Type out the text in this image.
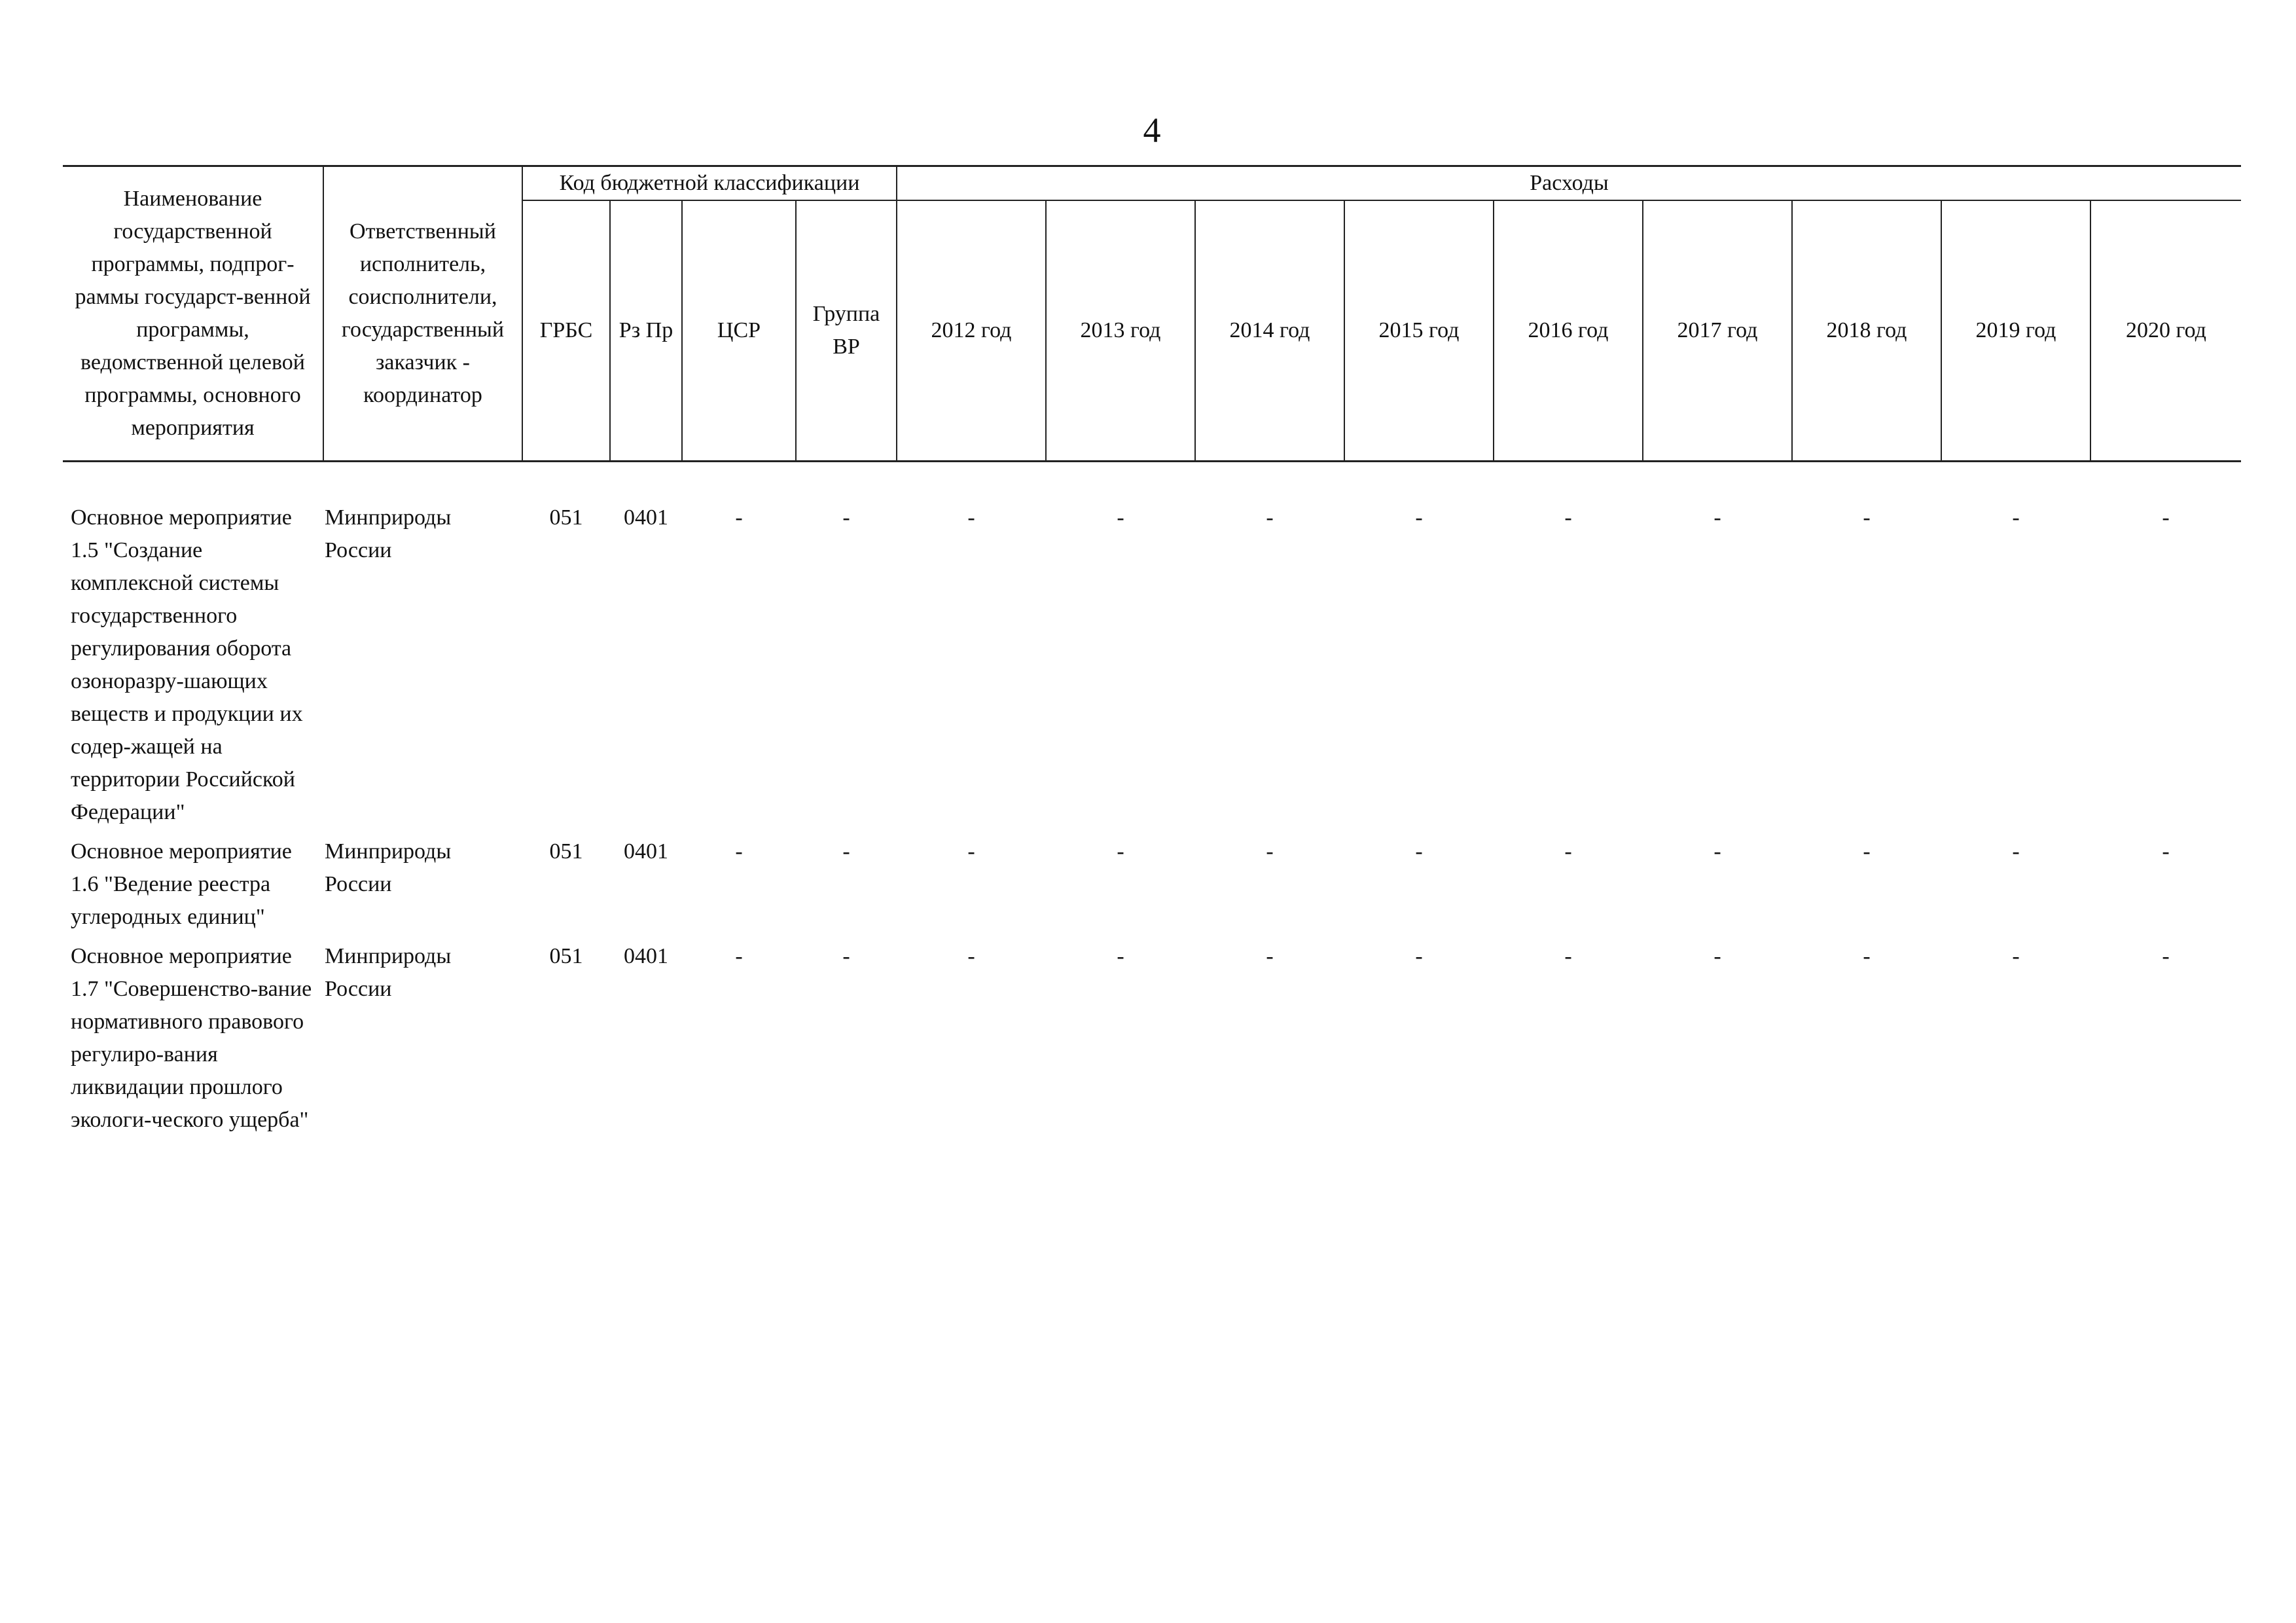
4
Наименование государственной программы, подпрог-раммы государст-венной программы, ведомственной целевой программы, основного мероприятия	Ответственный исполнитель, соисполнители, государственный заказчик - координатор	Код бюджетной классификации				Расходы								
		ГРБС	Рз Пр	ЦСР	Группа ВР	2012 год	2013 год	2014 год	2015 год	2016 год	2017 год	2018 год	2019 год	2020 год

Основное мероприятие 1.5 "Создание комплексной системы государственного регулирования оборота озоноразру-шающих веществ и продукции их содер-жащей на территории Российской Федерации"	Минприроды России	051	0401	-	-	-	-	-	-	-	-	-	-	-
Основное мероприятие 1.6 "Ведение реестра углеродных единиц"	Минприроды России	051	0401	-	-	-	-	-	-	-	-	-	-	-
Основное мероприятие 1.7 "Совершенство-вание нормативного правового регулиро-вания ликвидации прошлого экологи-ческого ущерба"	Минприроды России	051	0401	-	-	-	-	-	-	-	-	-	-	-
